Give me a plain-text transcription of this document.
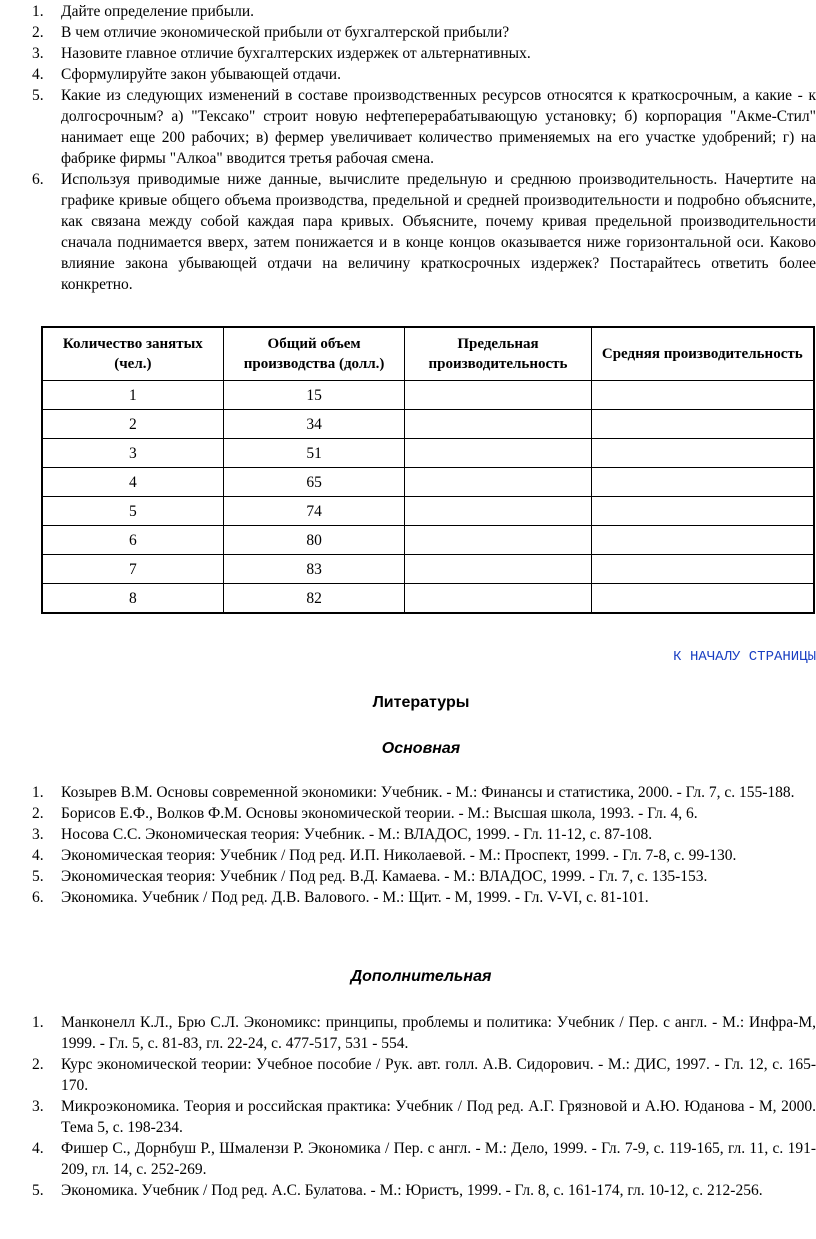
1. Дайте определение прибыли.
2. В чем отличие экономической прибыли от бухгалтерской прибыли?
3. Назовите главное отличие бухгалтерских издержек от альтернативных.
4. Сформулируйте закон убывающей отдачи.
5. Какие из следующих изменений в составе производственных ресурсов относятся к краткосрочным, а какие - к долгосрочным? а) "Тексако" строит новую нефтеперерабатывающую установку; б) корпорация "Акме-Стил" нанимает еще 200 рабочих; в) фермер увеличивает количество применяемых на его участке удобрений; г) на фабрике фирмы "Алкоа" вводится третья рабочая смена.
6. Используя приводимые ниже данные, вычислите предельную и среднюю производительность. Начертите на графике кривые общего объема производства, предельной и средней производительности и подробно объясните, как связана между собой каждая пара кривых. Объясните, почему кривая предельной производительности сначала поднимается вверх, затем понижается и в конце концов оказывается ниже горизонтальной оси. Каково влияние закона убывающей отдачи на величину краткосрочных издержек? Постарайтесь ответить более конкретно.
Количество занятых (чел.)	Общий объем производства (долл.)	Предельная производительность	Средняя производительность
1	15		
2	34		
3	51		
4	65		
5	74		
6	80		
7	83		
8	82		
К НАЧАЛУ СТРАНИЦЫ
Литературы
Основная
1. Козырев В.М. Основы современной экономики: Учебник. - М.: Финансы и статистика, 2000. - Гл. 7, с. 155-188.
2. Борисов Е.Ф., Волков Ф.М. Основы экономической теории. - М.: Высшая школа, 1993. - Гл. 4, 6.
3. Носова С.С. Экономическая теория: Учебник. - М.: ВЛАДОС, 1999. - Гл. 11-12, с. 87-108.
4. Экономическая теория: Учебник / Под ред. И.П. Николаевой. - М.: Проспект, 1999. - Гл. 7-8, с. 99-130.
5. Экономическая теория: Учебник / Под ред. В.Д. Камаева. - М.: ВЛАДОС, 1999. - Гл. 7, с. 135-153.
6. Экономика. Учебник / Под ред. Д.В. Валового. - М.: Щит. - М, 1999. - Гл. V-VI, с. 81-101.
Дополнительная
1. Манконелл К.Л., Брю С.Л. Экономикс: принципы, проблемы и политика: Учебник / Пер. с англ. - М.: Инфра-М, 1999. - Гл. 5, с. 81-83, гл. 22-24, с. 477-517, 531 - 554.
2. Курс экономической теории: Учебное пособие / Рук. авт. голл. А.В. Сидорович. - М.: ДИС, 1997. - Гл. 12, с. 165-170.
3. Микроэкономика. Теория и российская практика: Учебник / Под ред. А.Г. Грязновой и А.Ю. Юданова - М, 2000. Тема 5, с. 198-234.
4. Фишер С., Дорнбуш Р., Шмалензи Р. Экономика / Пер. с англ. - М.: Дело, 1999. - Гл. 7-9, с. 119-165, гл. 11, с. 191-209, гл. 14, с. 252-269.
5. Экономика. Учебник / Под ред. А.С. Булатова. - М.: Юристъ, 1999. - Гл. 8, с. 161-174, гл. 10-12, с. 212-256.
